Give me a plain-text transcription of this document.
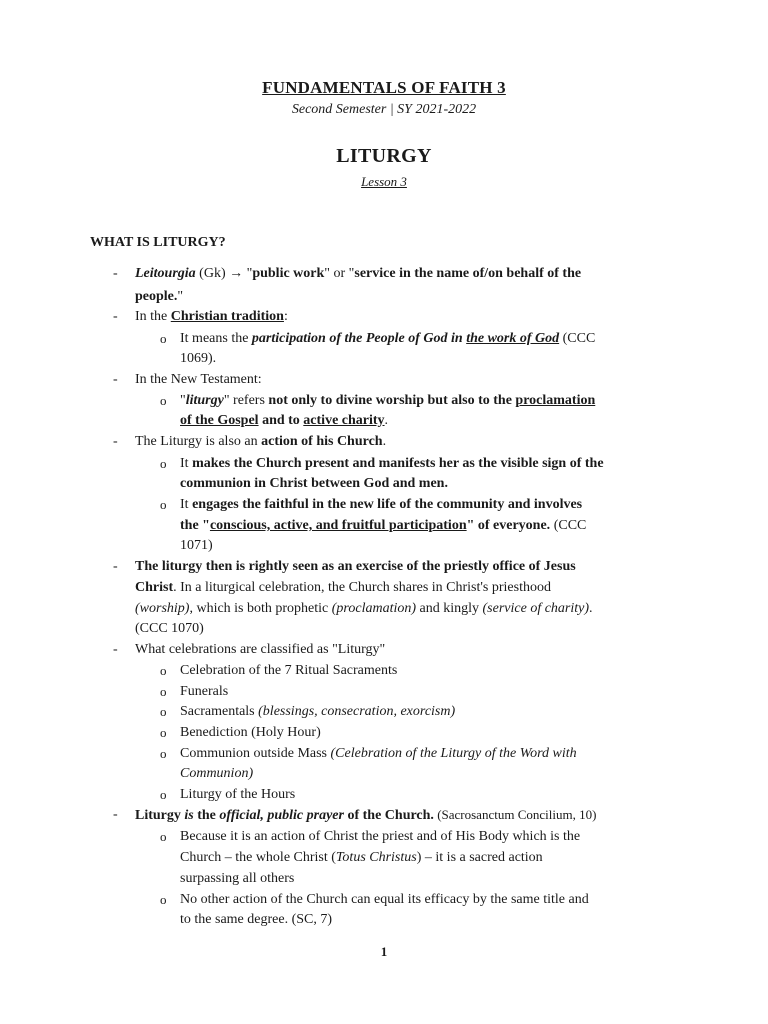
FUNDAMENTALS OF FAITH 3
Second Semester | SY 2021-2022
LITURGY
Lesson 3
WHAT IS LITURGY?
- Leitourgia (Gk) → "public work" or "service in the name of/on behalf of the
people."
- In the Christian tradition:
o It means the participation of the People of God in the work of God (CCC
1069).
- In the New Testament:
o "liturgy" refers not only to divine worship but also to the proclamation
of the Gospel and to active charity.
- The Liturgy is also an action of his Church.
o It makes the Church present and manifests her as the visible sign of the
communion in Christ between God and men.
o It engages the faithful in the new life of the community and involves
the "conscious, active, and fruitful participation" of everyone. (CCC
1071)
- The liturgy then is rightly seen as an exercise of the priestly office of Jesus
Christ. In a liturgical celebration, the Church shares in Christ's priesthood
(worship), which is both prophetic (proclamation) and kingly (service of charity).
(CCC 1070)
- What celebrations are classified as "Liturgy"
o Celebration of the 7 Ritual Sacraments
o Funerals
o Sacramentals (blessings, consecration, exorcism)
o Benediction (Holy Hour)
o Communion outside Mass (Celebration of the Liturgy of the Word with
Communion)
o Liturgy of the Hours
- Liturgy is the official, public prayer of the Church. (Sacrosanctum Concilium, 10)
o Because it is an action of Christ the priest and of His Body which is the
Church – the whole Christ (Totus Christus) – it is a sacred action
surpassing all others
o No other action of the Church can equal its efficacy by the same title and
to the same degree. (SC, 7)
1
